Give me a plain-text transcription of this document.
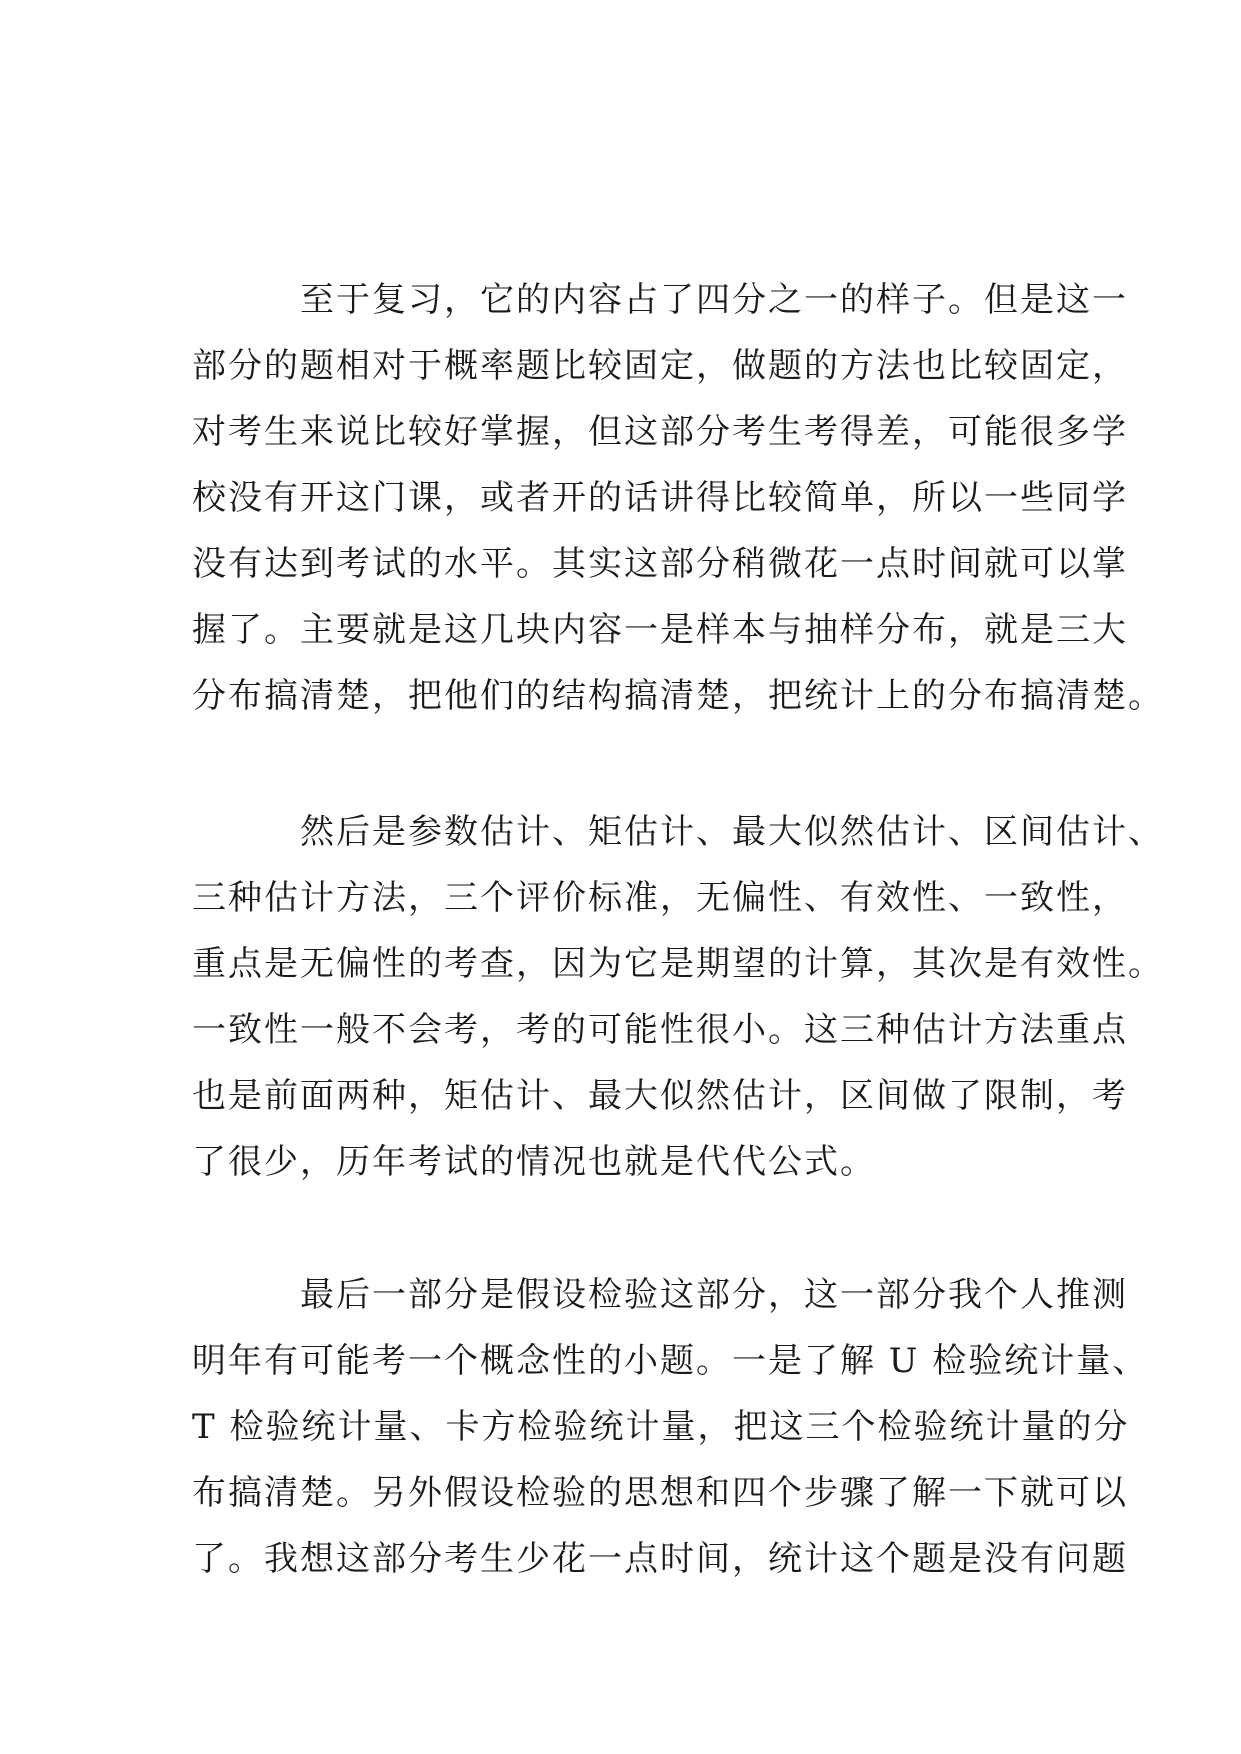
至于复习，它的内容占了四分之一的样子。但是这一
部分的题相对于概率题比较固定，做题的方法也比较固定，
对考生来说比较好掌握，但这部分考生考得差，可能很多学
校没有开这门课，或者开的话讲得比较简单，所以一些同学
没有达到考试的水平。其实这部分稍微花一点时间就可以掌
握了。主要就是这几块内容一是样本与抽样分布，就是三大
分布搞清楚，把他们的结构搞清楚，把统计上的分布搞清楚。
然后是参数估计、矩估计、最大似然估计、区间估计、
三种估计方法，三个评价标准，无偏性、有效性、一致性，
重点是无偏性的考查，因为它是期望的计算，其次是有效性。
一致性一般不会考，考的可能性很小。这三种估计方法重点
也是前面两种，矩估计、最大似然估计，区间做了限制，考
了很少，历年考试的情况也就是代代公式。
最后一部分是假设检验这部分，这一部分我个人推测
明年有可能考一个概念性的小题。一是了解 U 检验统计量、
T 检验统计量、卡方检验统计量，把这三个检验统计量的分
布搞清楚。另外假设检验的思想和四个步骤了解一下就可以
了。我想这部分考生少花一点时间，统计这个题是没有问题
